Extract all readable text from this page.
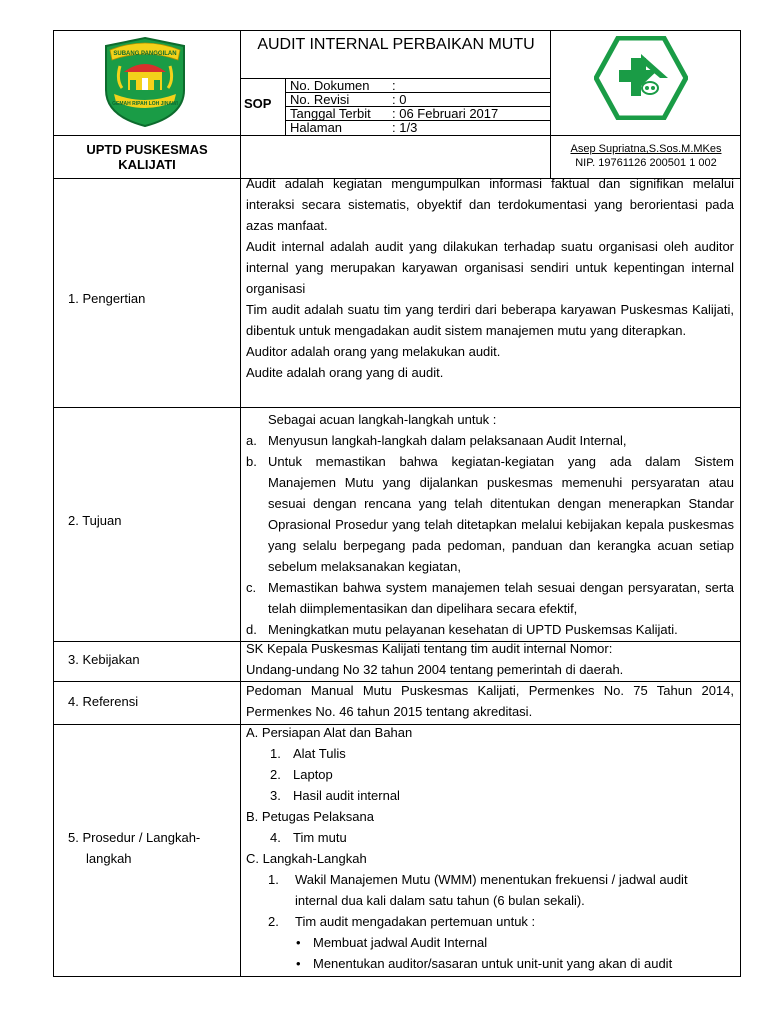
SUBANG PANGGILAN
GEMAH RIPAH LOH JINAWI
AUDIT INTERNAL PERBAIKAN MUTU
SOP
No. Dokumen :
No. Revisi	: 0
Tanggal Terbit : 06 Februari 2017
Halaman	: 1/3
UPTD PUSKESMAS KALIJATI
Asep Supriatna,S.Sos.M.MKes
NIP. 19761126 200501 1 002
1. Pengertian
Audit adalah kegiatan mengumpulkan informasi faktual dan signifikan melalui interaksi secara sistematis, obyektif dan terdokumentasi yang berorientasi pada azas manfaat.
Audit internal adalah audit yang dilakukan terhadap suatu organisasi oleh auditor internal yang merupakan karyawan organisasi sendiri untuk kepentingan internal organisasi
Tim audit adalah suatu tim yang terdiri dari beberapa karyawan Puskesmas Kalijati, dibentuk untuk mengadakan audit sistem manajemen mutu yang diterapkan.
Auditor adalah orang yang melakukan audit.
Audite adalah orang yang di audit.
2. Tujuan
Sebagai acuan langkah-langkah untuk :
a. Menyusun langkah-langkah dalam pelaksanaan Audit Internal,
b. Untuk memastikan bahwa kegiatan-kegiatan yang ada dalam Sistem Manajemen Mutu yang dijalankan puskesmas memenuhi persyaratan atau sesuai dengan rencana yang telah ditentukan dengan menerapkan Standar Oprasional Prosedur yang telah ditetapkan melalui kebijakan kepala puskesmas yang selalu berpegang pada pedoman, panduan dan kerangka acuan setiap sebelum melaksanakan kegiatan,
c. Memastikan bahwa system manajemen telah sesuai dengan persyaratan, serta telah diimplementasikan dan dipelihara secara efektif,
d. Meningkatkan mutu pelayanan kesehatan di UPTD Puskemsas Kalijati.
3. Kebijakan
SK Kepala Puskesmas Kalijati tentang tim audit internal Nomor:
Undang-undang No 32 tahun 2004 tentang pemerintah di daerah.
4. Referensi
Pedoman Manual Mutu Puskesmas Kalijati, Permenkes No. 75 Tahun 2014, Permenkes No. 46 tahun 2015 tentang akreditasi.
5. Prosedur / Langkah-
langkah
A. Persiapan Alat dan Bahan
1. Alat Tulis
2. Laptop
3. Hasil audit internal
B. Petugas Pelaksana
4. Tim mutu
C. Langkah-Langkah
1. Wakil Manajemen Mutu (WMM) menentukan frekuensi / jadwal audit internal dua kali dalam satu tahun (6 bulan sekali).
2. Tim audit mengadakan pertemuan untuk :
• Membuat jadwal Audit Internal
• Menentukan auditor/sasaran untuk unit-unit yang akan di audit
